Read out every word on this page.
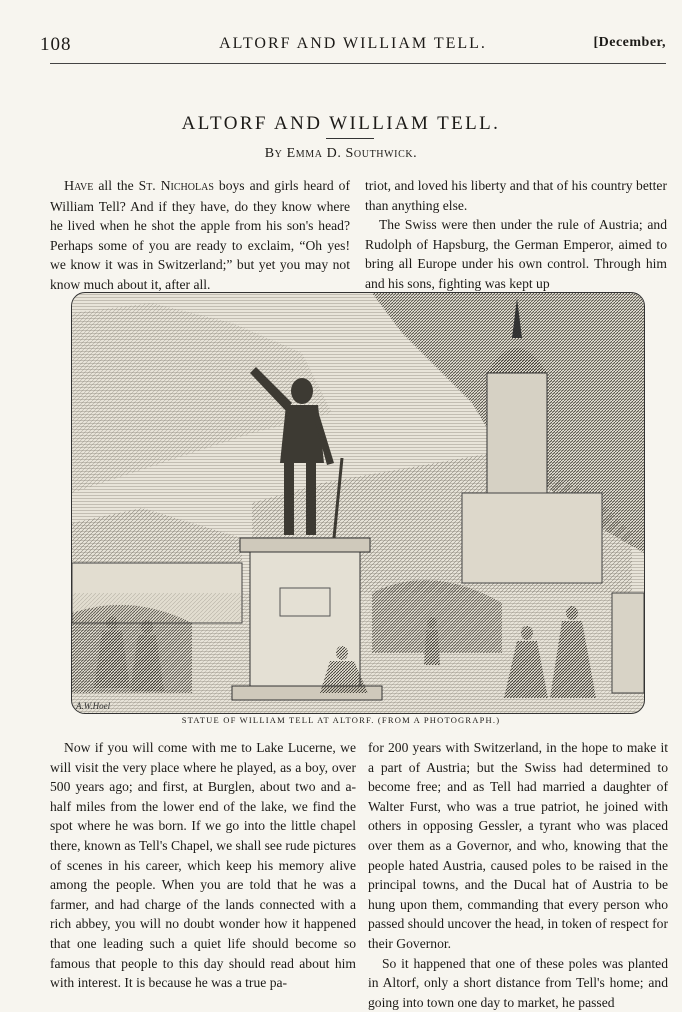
108	ALTORF AND WILLIAM TELL.	[December,
ALTORF AND WILLIAM TELL.
By Emma D. Southwick.

Have all the St. Nicholas boys and girls heard of William Tell? And if they have, do they know where he lived when he shot the apple from his son's head? Perhaps some of you are ready to exclaim, “Oh yes! we know it was in Switzerland;” but yet you may not know much about it, after all.

triot, and loved his liberty and that of his country better than anything else.

The Swiss were then under the rule of Austria; and Rudolph of Hapsburg, the German Emperor, aimed to bring all Europe under his own control. Through him and his sons, fighting was kept up

A.W.Hoel
STATUE OF WILLIAM TELL AT ALTORF. (FROM A PHOTOGRAPH.)

Now if you will come with me to Lake Lucerne, we will visit the very place where he played, as a boy, over 500 years ago; and first, at Burglen, about two and a-half miles from the lower end of the lake, we find the spot where he was born. If we go into the little chapel there, known as Tell's Chapel, we shall see rude pictures of scenes in his career, which keep his memory alive among the people. When you are told that he was a farmer, and had charge of the lands connected with a rich abbey, you will no doubt wonder how it happened that one leading such a quiet life should become so famous that people to this day should read about him with interest. It is because he was a true pa-

for 200 years with Switzerland, in the hope to make it a part of Austria; but the Swiss had determined to become free; and as Tell had married a daughter of Walter Furst, who was a true patriot, he joined with others in opposing Gessler, a tyrant who was placed over them as a Governor, and who, knowing that the people hated Austria, caused poles to be raised in the principal towns, and the Ducal hat of Austria to be hung upon them, commanding that every person who passed should uncover the head, in token of respect for their Governor.

So it happened that one of these poles was planted in Altorf, only a short distance from Tell's home; and going into town one day to market, he passed
